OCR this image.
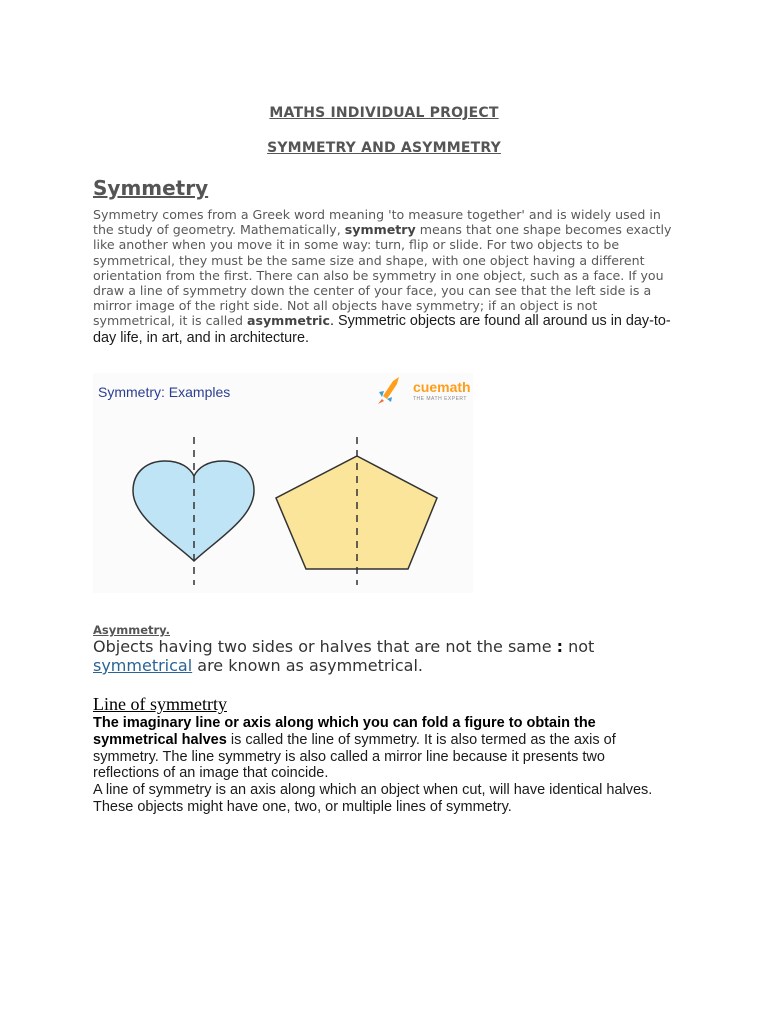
MATHS INDIVIDUAL PROJECT
SYMMETRY AND ASYMMETRY
Symmetry
Symmetry comes from a Greek word meaning 'to measure together' and is widely used in the study of geometry. Mathematically, symmetry means that one shape becomes exactly like another when you move it in some way: turn, flip or slide. For two objects to be symmetrical, they must be the same size and shape, with one object having a different orientation from the first. There can also be symmetry in one object, such as a face. If you draw a line of symmetry down the center of your face, you can see that the left side is a mirror image of the right side. Not all objects have symmetry; if an object is not symmetrical, it is called asymmetric. Symmetric objects are found all around us in day-to-day life, in art, and in architecture.
Symmetry: Examples	cuemath
THE MATH EXPERT
Asymmetry.
Objects having two sides or halves that are not the same : not symmetrical are known as asymmetrical.
Line of symmetrty
The imaginary line or axis along which you can fold a figure to obtain the symmetrical halves is called the line of symmetry. It is also termed as the axis of symmetry. The line symmetry is also called a mirror line because it presents two reflections of an image that coincide.
A line of symmetry is an axis along which an object when cut, will have identical halves. These objects might have one, two, or multiple lines of symmetry.
